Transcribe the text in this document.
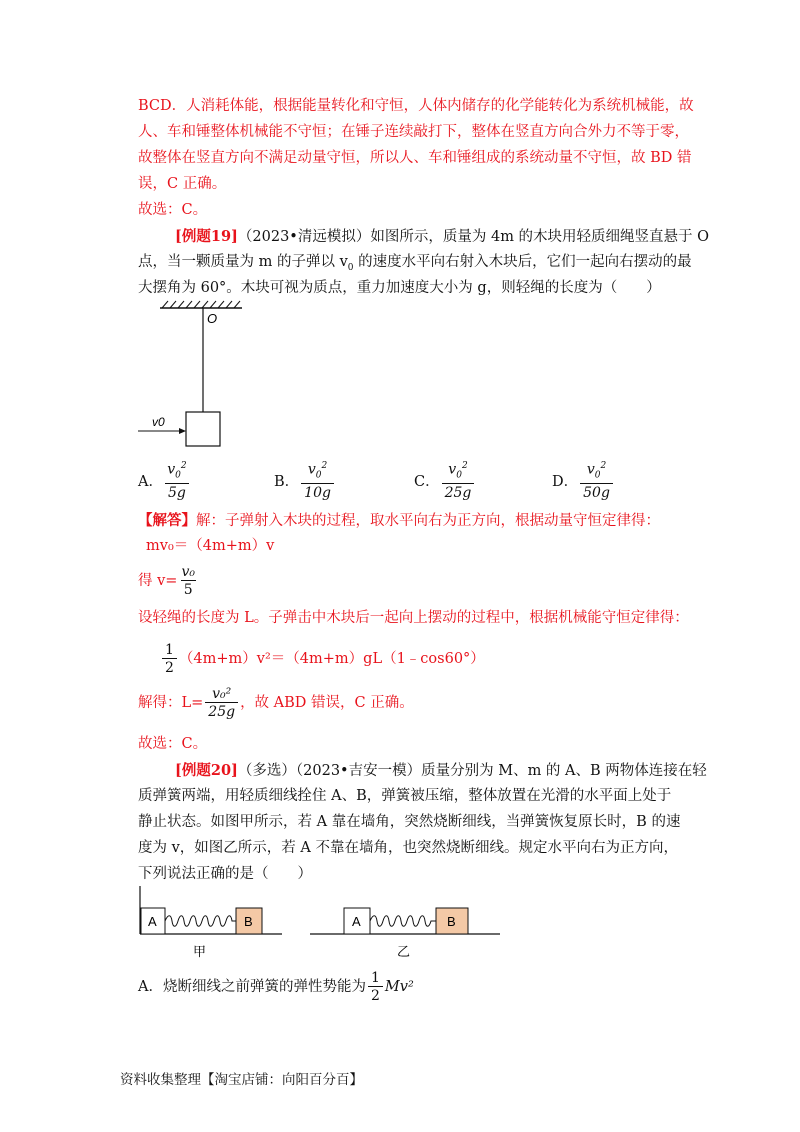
BCD．人消耗体能，根据能量转化和守恒，人体内储存的化学能转化为系统机械能，故
人、车和锤整体机械能不守恒；在锤子连续敲打下，整体在竖直方向合外力不等于零，
故整体在竖直方向不满足动量守恒，所以人、车和锤组成的系统动量不守恒，故 BD 错
误，C 正确。
故选：C。
[例题19]（2023•清远模拟）如图所示，质量为 4m 的木块用轻质细绳竖直悬于 O
点，当一颗质量为 m 的子弹以 $v_0$ 的速度水平向右射入木块后，它们一起向右摆动的最
大摆角为 60°。木块可视为质点，重力加速度大小为 g，则轻绳的长度为（　　）
O
v0
A． $\frac{v_0^2}{5g}$	B． $\frac{v_0^2}{10g}$	C． $\frac{v_0^2}{25g}$	D． $\frac{v_0^2}{50g}$
【解答】解：子弹射入木块的过程，取水平向右为正方向，根据动量守恒定律得：
mv₀＝（4m+m）v
得 $v= \frac{\text{v₀}}{5}$
设轻绳的长度为 L。子弹击中木块后一起向上摆动的过程中，根据机械能守恒定律得：
$\frac{1}{2}$ （4m+m）v²＝（4m+m）gL（1﹣cos60°）
解得：$L= \frac{\text{v₀²}}{25g}$ ，故 ABD 错误，C 正确。
故选：C。
[例题20]（多选）（2023•吉安一模）质量分别为 M、m 的 A、B 两物体连接在轻
质弹簧两端，用轻质细线拴住 A、B，弹簧被压缩，整体放置在光滑的水平面上处于
静止状态。如图甲所示，若 A 靠在墙角，突然烧断细线，当弹簧恢复原长时，B 的速
度为 v，如图乙所示，若 A 不靠在墙角，也突然烧断细线。规定水平向右为正方向，
下列说法正确的是（　　）
A	B
甲
A	B
乙
A．烧断细线之前弹簧的弹性势能为 $\frac{1}{2} Mv^2$
资料收集整理【淘宝店铺：向阳百分百】
